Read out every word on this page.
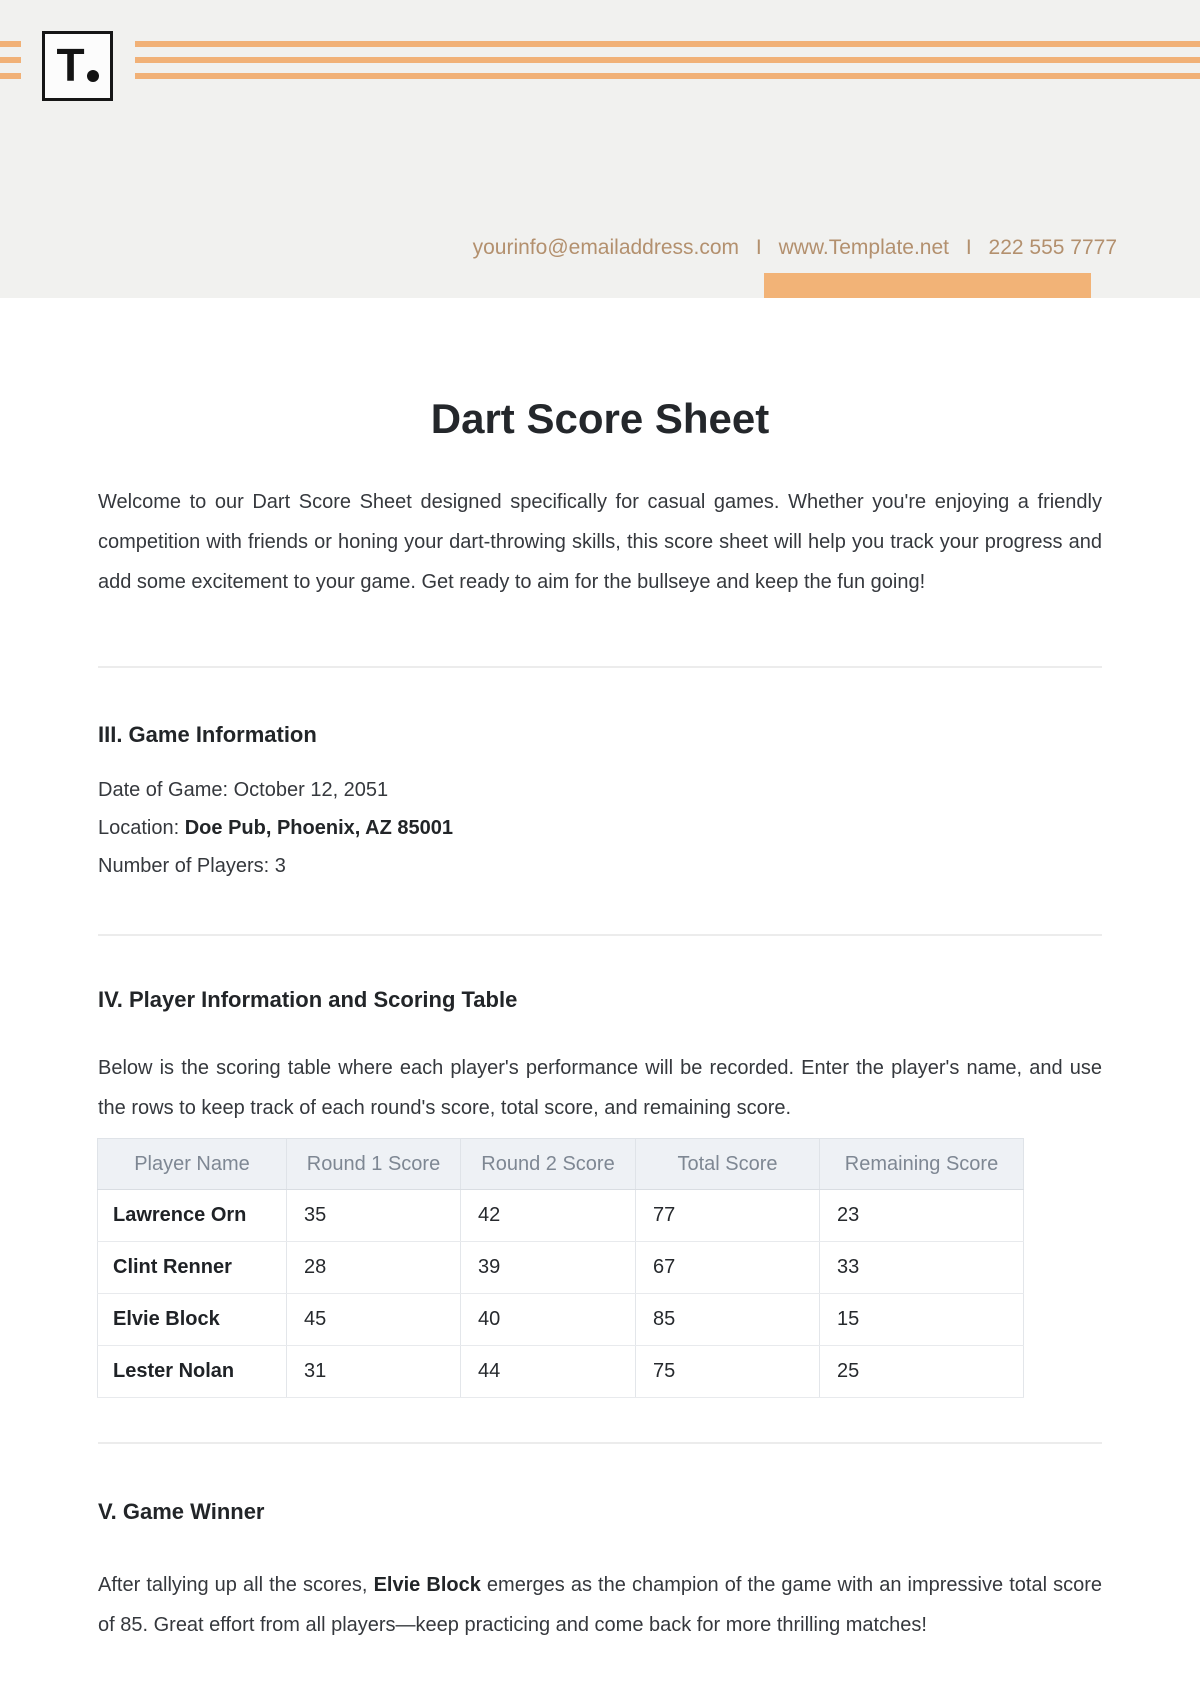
T
yourinfo@emailaddress.com I www.Template.net I 222 555 7777
Dart Score Sheet

Welcome to our Dart Score Sheet designed specifically for casual games. Whether you're enjoying a friendly competition with friends or honing your dart-throwing skills, this score sheet will help you track your progress and add some excitement to your game. Get ready to aim for the bullseye and keep the fun going!

III. Game Information
Date of Game: October 12, 2051
Location: Doe Pub, Phoenix, AZ 85001
Number of Players: 3
IV. Player Information and Scoring Table

Below is the scoring table where each player's performance will be recorded. Enter the player's name, and use the rows to keep track of each round's score, total score, and remaining score.

Player Name	Round 1 Score	Round 2 Score	Total Score	Remaining Score
Lawrence Orn	35	42	77	23
Clint Renner	28	39	67	33
Elvie Block	45	40	85	15
Lester Nolan	31	44	75	25
V. Game Winner

After tallying up all the scores, Elvie Block emerges as the champion of the game with an impressive total score of 85. Great effort from all players—keep practicing and come back for more thrilling matches!
